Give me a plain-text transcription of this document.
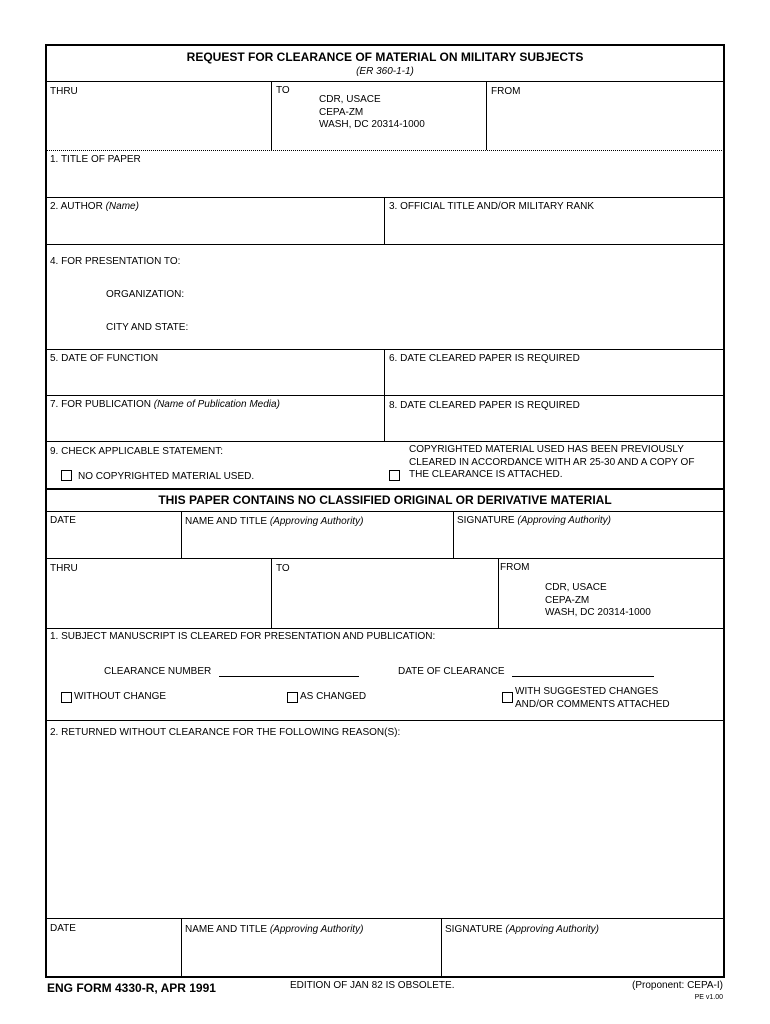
REQUEST FOR CLEARANCE OF MATERIAL ON MILITARY SUBJECTS
(ER 360-1-1)
THRU	TO
CDR, USACE
CEPA-ZM
WASH, DC 20314-1000
FROM
1. TITLE OF PAPER
2. AUTHOR (Name)	3. OFFICIAL TITLE AND/OR MILITARY RANK
4. FOR PRESENTATION TO:
ORGANIZATION:
CITY AND STATE:
5. DATE OF FUNCTION	6. DATE CLEARED PAPER IS REQUIRED
7. FOR PUBLICATION (Name of Publication Media)	8. DATE CLEARED PAPER IS REQUIRED
9. CHECK APPLICABLE STATEMENT:
NO COPYRIGHTED MATERIAL USED.
COPYRIGHTED MATERIAL USED HAS BEEN PREVIOUSLY
CLEARED IN ACCORDANCE WITH AR 25-30 AND A COPY OF
THE CLEARANCE IS ATTACHED.
THIS PAPER CONTAINS NO CLASSIFIED ORIGINAL OR DERIVATIVE MATERIAL
DATE	NAME AND TITLE (Approving Authority)	SIGNATURE (Approving Authority)
THRU	TO	FROM
CDR, USACE
CEPA-ZM
WASH, DC 20314-1000
1. SUBJECT MANUSCRIPT IS CLEARED FOR PRESENTATION AND PUBLICATION:
CLEARANCE NUMBER	DATE OF CLEARANCE
WITHOUT CHANGE	AS CHANGED	WITH SUGGESTED CHANGES
AND/OR COMMENTS ATTACHED
2. RETURNED WITHOUT CLEARANCE FOR THE FOLLOWING REASON(S):
DATE	NAME AND TITLE (Approving Authority)	SIGNATURE (Approving Authority)
ENG FORM 4330-R, APR 1991	EDITION OF JAN 82 IS OBSOLETE.	(Proponent: CEPA-I)
PE v1.00
